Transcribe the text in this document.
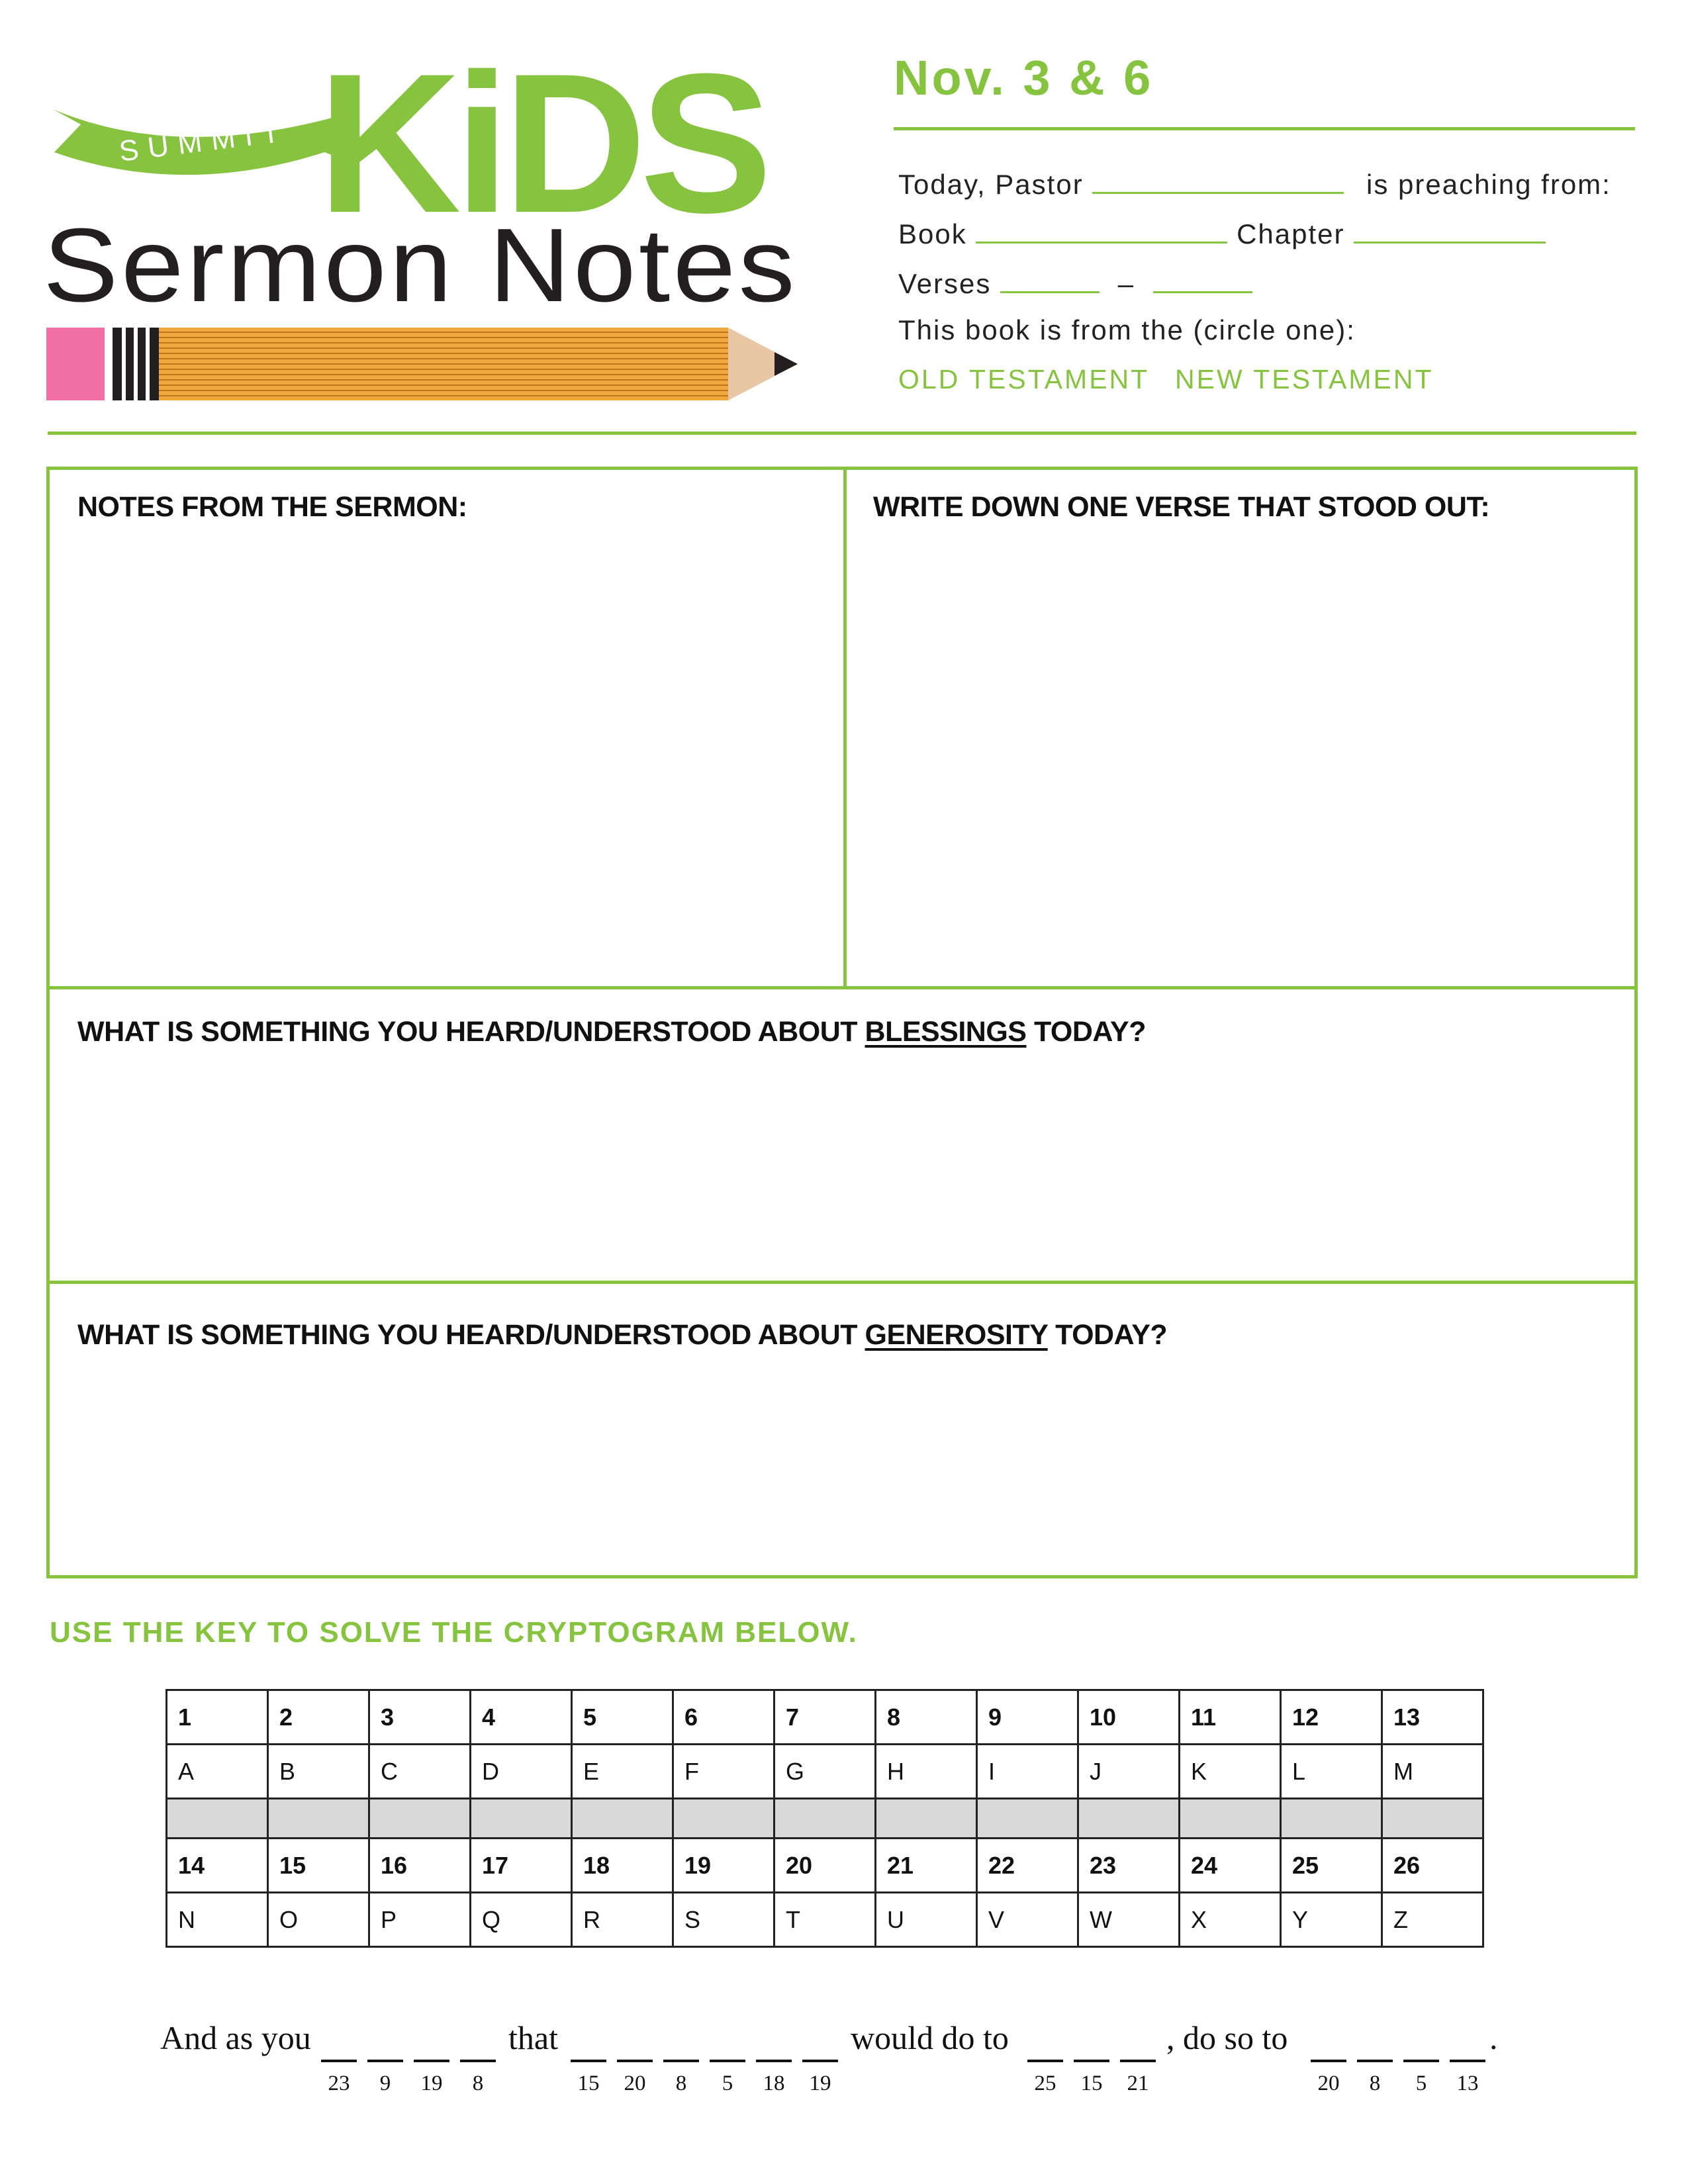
SUMMIT KiDS
Sermon Notes
Nov. 3 & 6
Today, Pastor	is preaching from:
Book	Chapter
Verses	–
This book is from the (circle one):
OLD TESTAMENT NEW TESTAMENT
NOTES FROM THE SERMON:	WRITE DOWN ONE VERSE THAT STOOD OUT:
WHAT IS SOMETHING YOU HEARD/UNDERSTOOD ABOUT BLESSINGS TODAY?
WHAT IS SOMETHING YOU HEARD/UNDERSTOOD ABOUT GENEROSITY TODAY?
USE THE KEY TO SOLVE THE CRYPTOGRAM BELOW.
1	2	3	4	5	6	7	8	9	10	11	12	13
A	B	C	D	E	F	G	H	I	J	K	L	M

14	15	16	17	18	19	20	21	22	23	24	25	26
N	O	P	Q	R	S	T	U	V	W	X	Y	Z
And as you	that	would do to	, do so to	.
23	9	19	8	15	20	8	5	18	19	25	15	21	20	8	5	13
